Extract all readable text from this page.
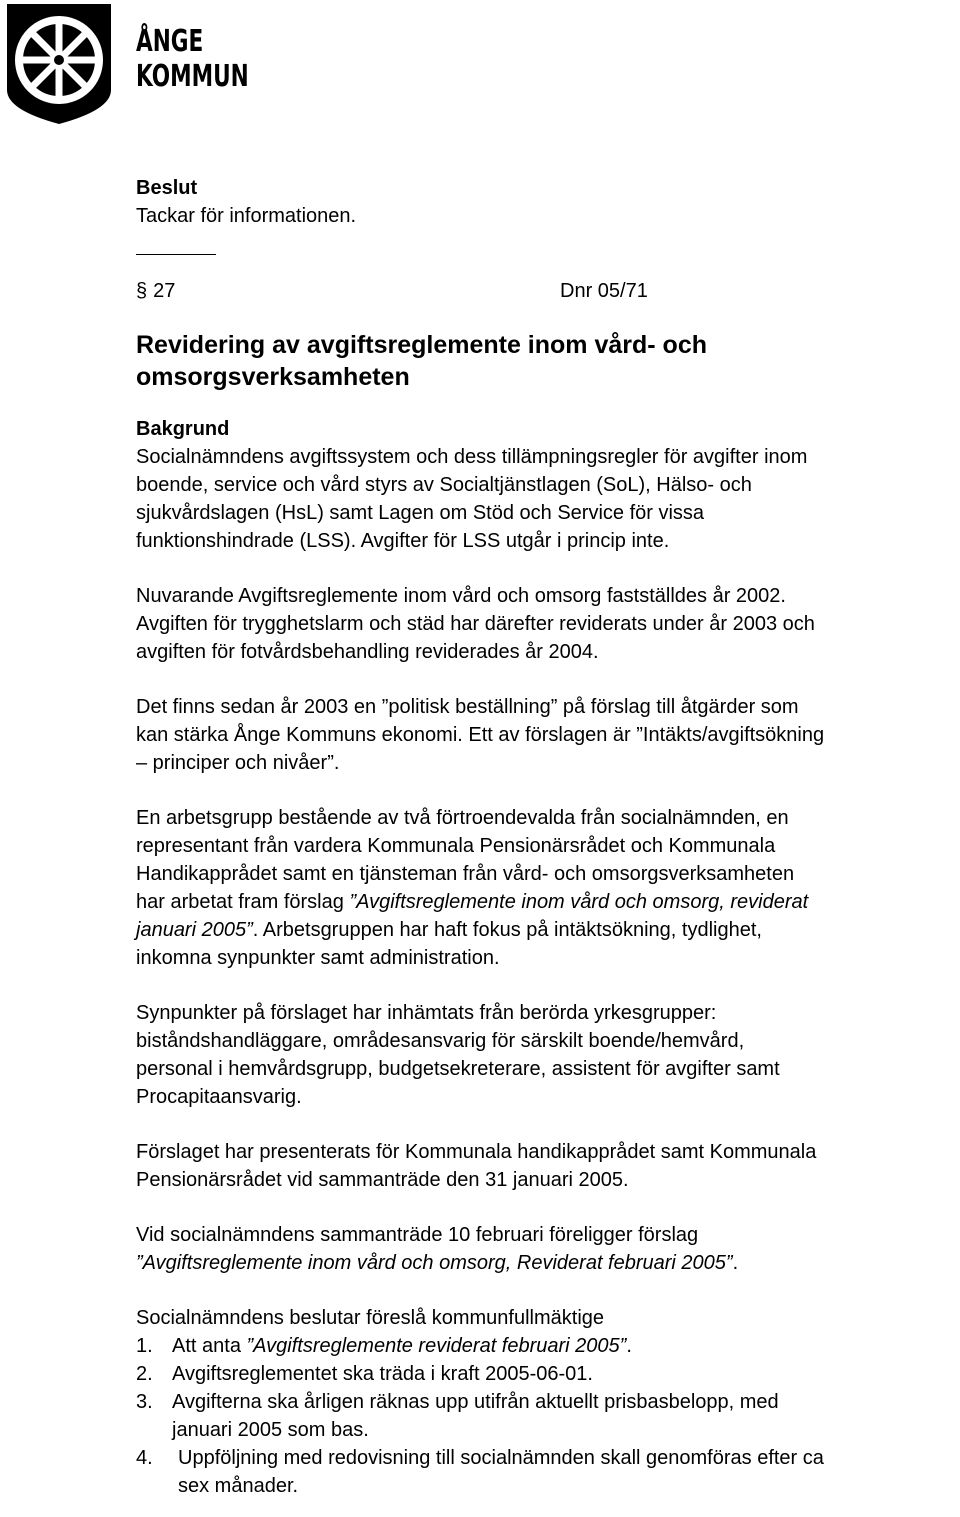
ÅNGE
KOMMUN
Beslut
Tackar för informationen.
§ 27	Dnr 05/71
Revidering av avgiftsreglemente inom vård- och
omsorgsverksamheten
Bakgrund
Socialnämndens avgiftssystem och dess tillämpningsregler för avgifter inom
boende, service och vård styrs av Socialtjänstlagen (SoL), Hälso- och
sjukvårdslagen (HsL) samt Lagen om Stöd och Service för vissa
funktionshindrade (LSS). Avgifter för LSS utgår i princip inte.
Nuvarande Avgiftsreglemente inom vård och omsorg fastställdes år 2002.
Avgiften för trygghetslarm och städ har därefter reviderats under år 2003 och
avgiften för fotvårdsbehandling reviderades år 2004.
Det finns sedan år 2003 en ”politisk beställning” på förslag till åtgärder som
kan stärka Ånge Kommuns ekonomi. Ett av förslagen är ”Intäkts/avgiftsökning
– principer och nivåer”.
En arbetsgrupp bestående av två förtroendevalda från socialnämnden, en
representant från vardera Kommunala Pensionärsrådet och Kommunala
Handikapprådet samt en tjänsteman från vård- och omsorgsverksamheten
har arbetat fram förslag ”Avgiftsreglemente inom vård och omsorg, reviderat
januari 2005”. Arbetsgruppen har haft fokus på intäktsökning, tydlighet,
inkomna synpunkter samt administration.
Synpunkter på förslaget har inhämtats från berörda yrkesgrupper:
biståndshandläggare, områdesansvarig för särskilt boende/hemvård,
personal i hemvårdsgrupp, budgetsekreterare, assistent för avgifter samt
Procapitaansvarig.
Förslaget har presenterats för Kommunala handikapprådet samt Kommunala
Pensionärsrådet vid sammanträde den 31 januari 2005.
Vid socialnämndens sammanträde 10 februari föreligger förslag
”Avgiftsreglemente inom vård och omsorg, Reviderat februari 2005”.
Socialnämndens beslutar föreslå kommunfullmäktige
1. Att anta ”Avgiftsreglemente reviderat februari 2005”.
2. Avgiftsreglementet ska träda i kraft 2005-06-01.
3. Avgifterna ska årligen räknas upp utifrån aktuellt prisbasbelopp, med
januari 2005 som bas.
4.	Uppföljning med redovisning till socialnämnden skall genomföras efter ca
sex månader.
